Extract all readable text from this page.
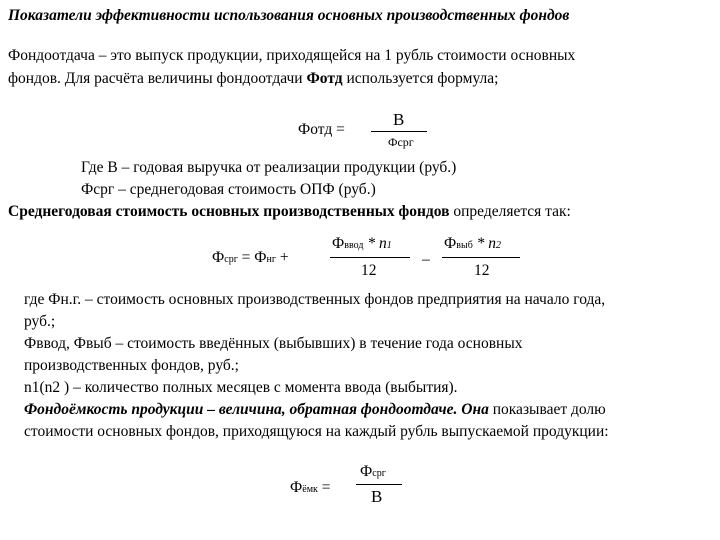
Показатели эффективности использования основных производственных фондов
Фондоотдача – это выпуск продукции, приходящейся на 1 рубль стоимости основных
фондов. Для расчёта величины фондоотдачи Фотд используется формула;
Фотд =
В
Фсрг
Где В – годовая выручка от реализации продукции (руб.)
Фсрг – среднегодовая стоимость ОПФ (руб.)
Среднегодовая стоимость основных производственных фондов определяется так:
Фсрг = Фнг +
Фввод * n1
12
–
Фвыб * n2
12
где Фн.г. – стоимость основных производственных фондов предприятия на начало года,
руб.;
Фввод, Фвыб – стоимость введённых (выбывших) в течение года основных
производственных фондов, руб.;
n1(n2 ) – количество полных месяцев с момента ввода (выбытия).
Фондоёмкость продукции – величина, обратная фондоотдаче. Она показывает долю
стоимости основных фондов, приходящуюся на каждый рубль выпускаемой продукции:
Фёмк =
Фсрг
В
